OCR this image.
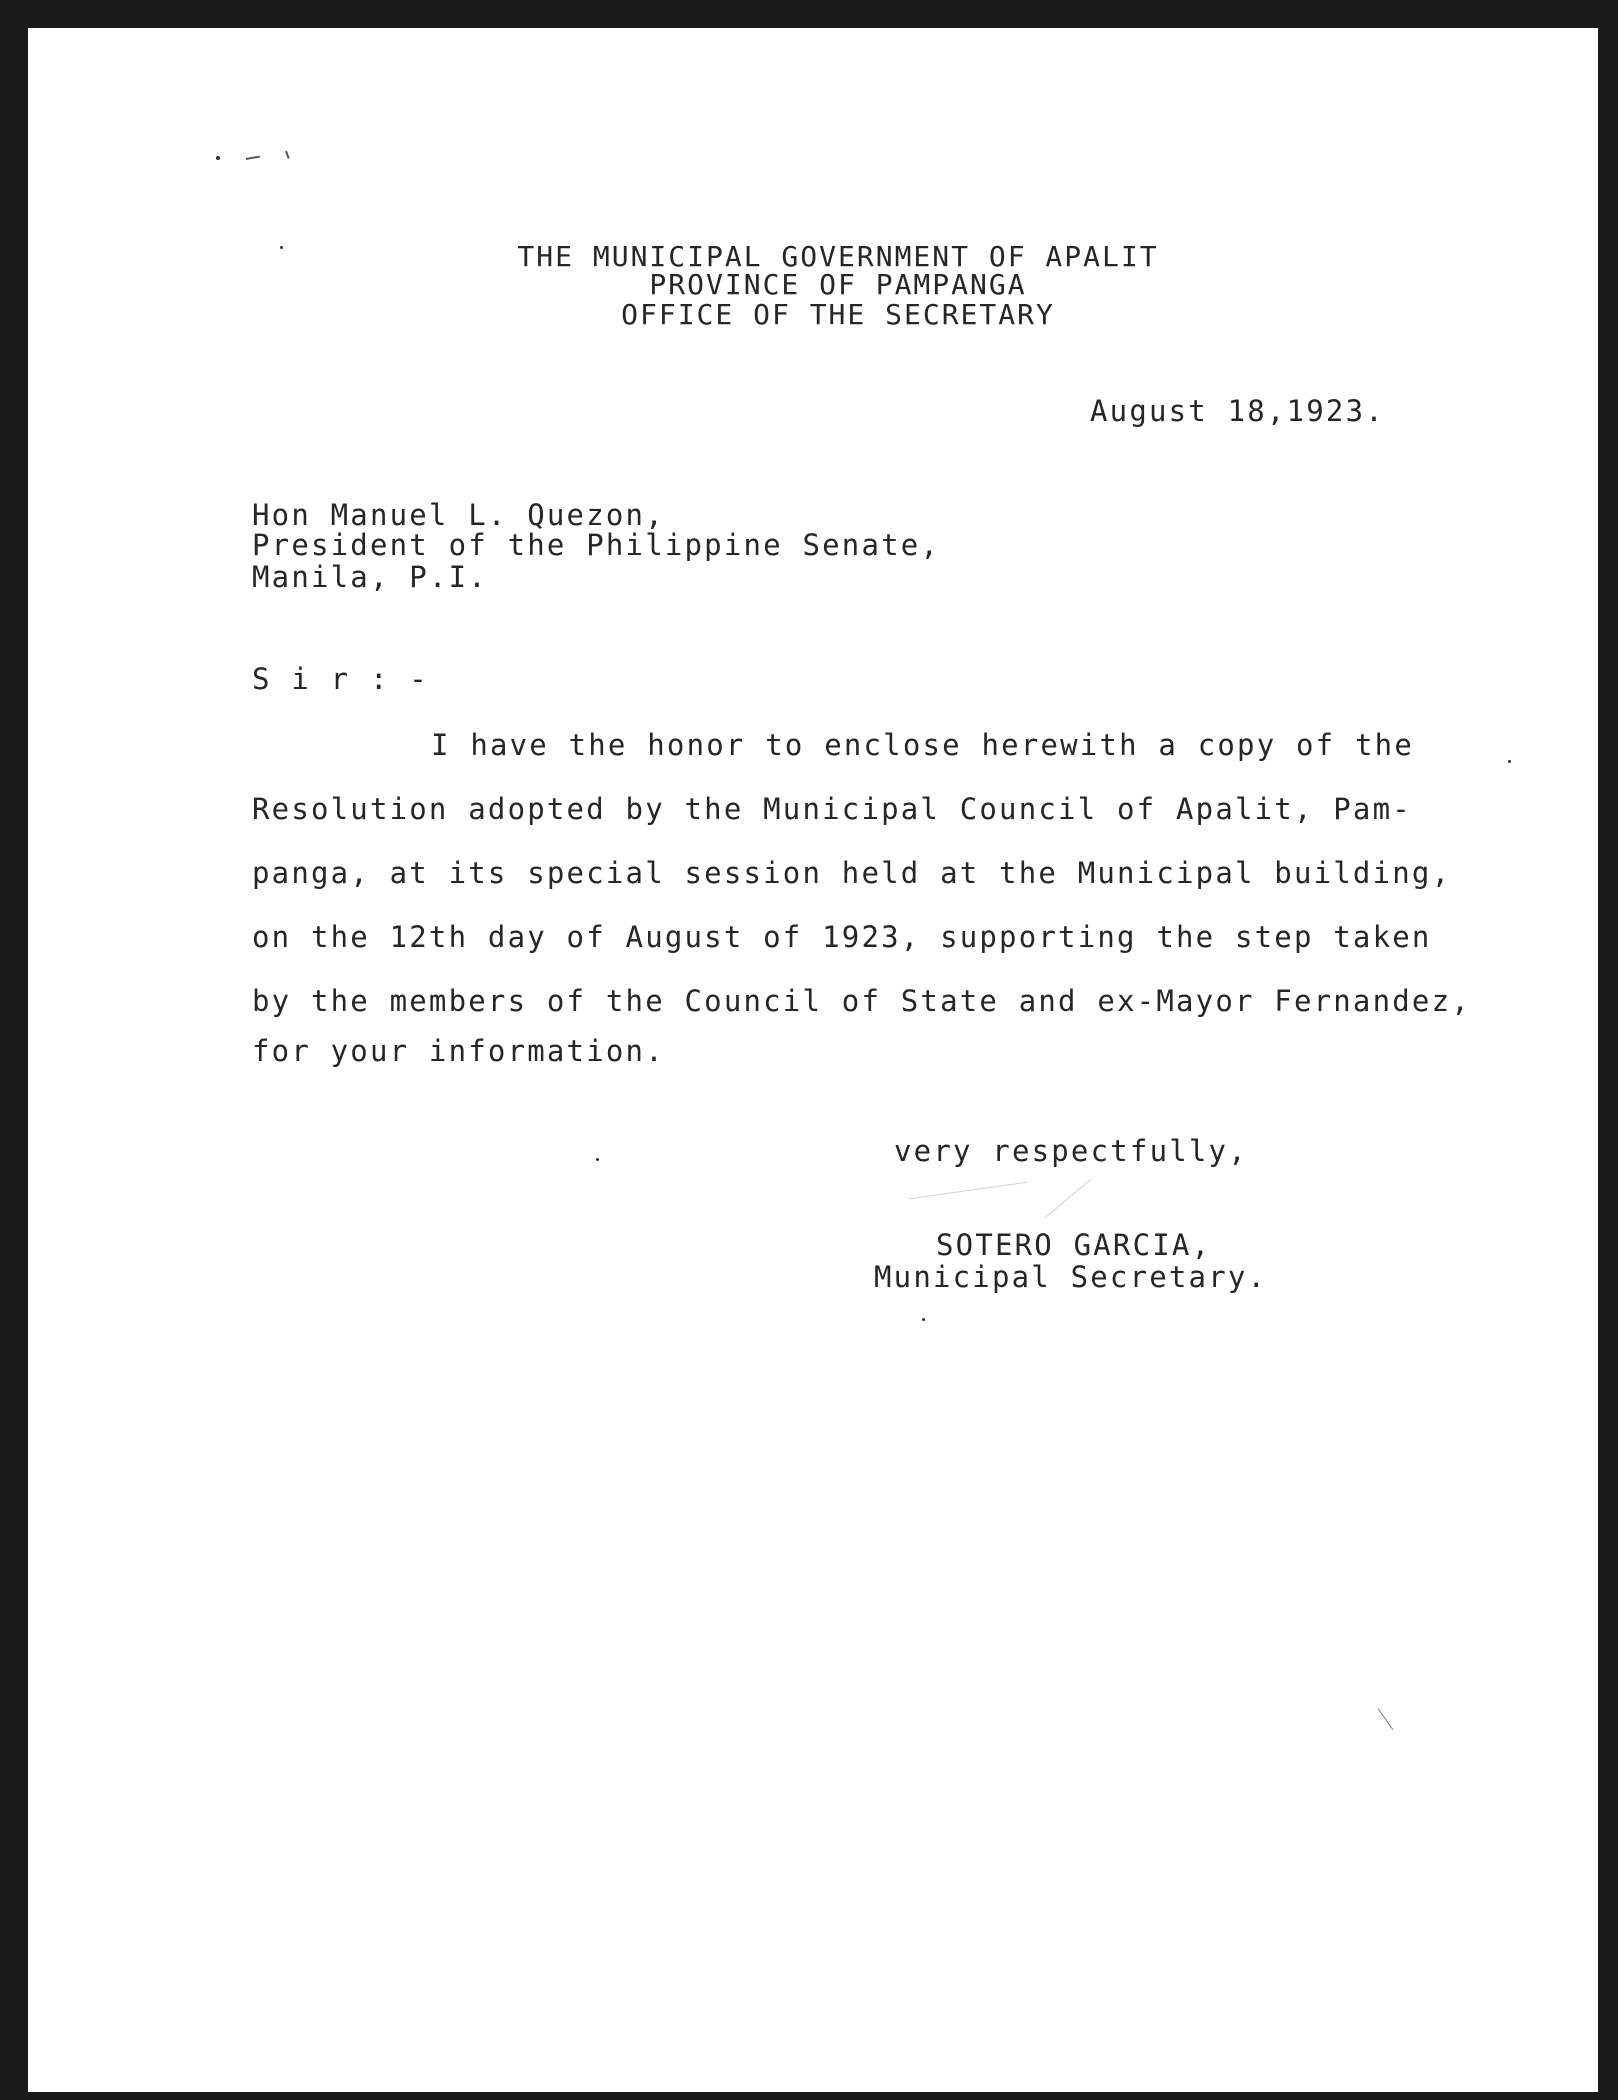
THE MUNICIPAL GOVERNMENT OF APALIT

PROVINCE OF PAMPANGA

OFFICE OF THE SECRETARY

August 18,1923.

Hon Manuel L. Quezon,

President of the Philippine Senate,

Manila, P.I.

S i r : -

I have the honor to enclose herewith a copy of the

Resolution adopted by the Municipal Council of Apalit, Pam-

panga, at its special session held at the Municipal building,

on the 12th day of August of 1923, supporting the step taken

by the members of the Council of State and ex-Mayor Fernandez,

for your information.

very respectfully,

SOTERO GARCIA,

Municipal Secretary.
